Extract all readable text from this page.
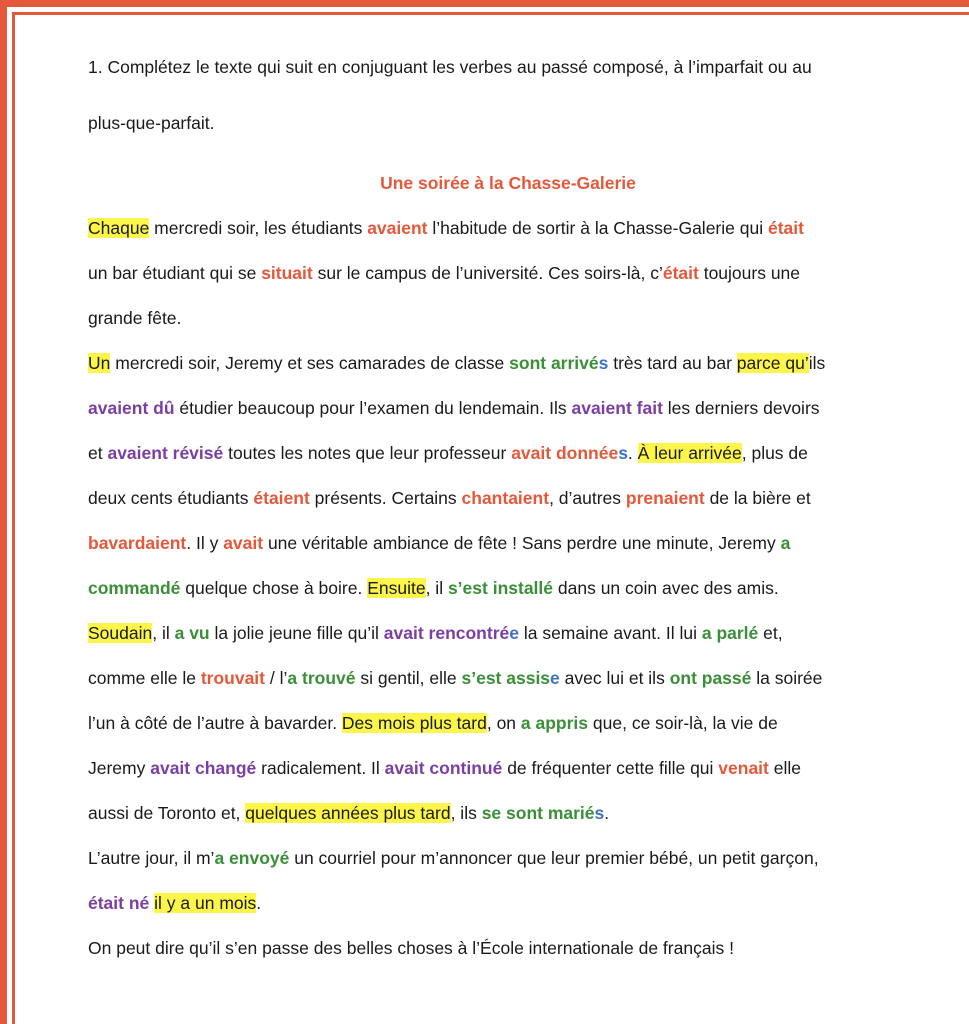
1. Complétez le texte qui suit en conjuguant les verbes au passé composé, à l’imparfait ou au
plus-que-parfait.
Une soirée à la Chasse-Galerie
Chaque mercredi soir, les étudiants avaient l’habitude de sortir à la Chasse-Galerie qui était
un bar étudiant qui se situait sur le campus de l’université. Ces soirs-là, c’était toujours une
grande fête.
Un mercredi soir, Jeremy et ses camarades de classe sont arrivés très tard au bar parce qu’ils
avaient dû étudier beaucoup pour l’examen du lendemain. Ils avaient fait les derniers devoirs
et avaient révisé toutes les notes que leur professeur avait données. À leur arrivée, plus de
deux cents étudiants étaient présents. Certains chantaient, d’autres prenaient de la bière et
bavardaient. Il y avait une véritable ambiance de fête ! Sans perdre une minute, Jeremy a
commandé quelque chose à boire. Ensuite, il s’est installé dans un coin avec des amis.
Soudain, il a vu la jolie jeune fille qu’il avait rencontrée la semaine avant. Il lui a parlé et,
comme elle le trouvait / l’a trouvé si gentil, elle s’est assise avec lui et ils ont passé la soirée
l’un à côté de l’autre à bavarder. Des mois plus tard, on a appris que, ce soir-là, la vie de
Jeremy avait changé radicalement. Il avait continué de fréquenter cette fille qui venait elle
aussi de Toronto et, quelques années plus tard, ils se sont mariés.
L’autre jour, il m’a envoyé un courriel pour m’annoncer que leur premier bébé, un petit garçon,
était né il y a un mois.
On peut dire qu’il s’en passe des belles choses à l’École internationale de français !
